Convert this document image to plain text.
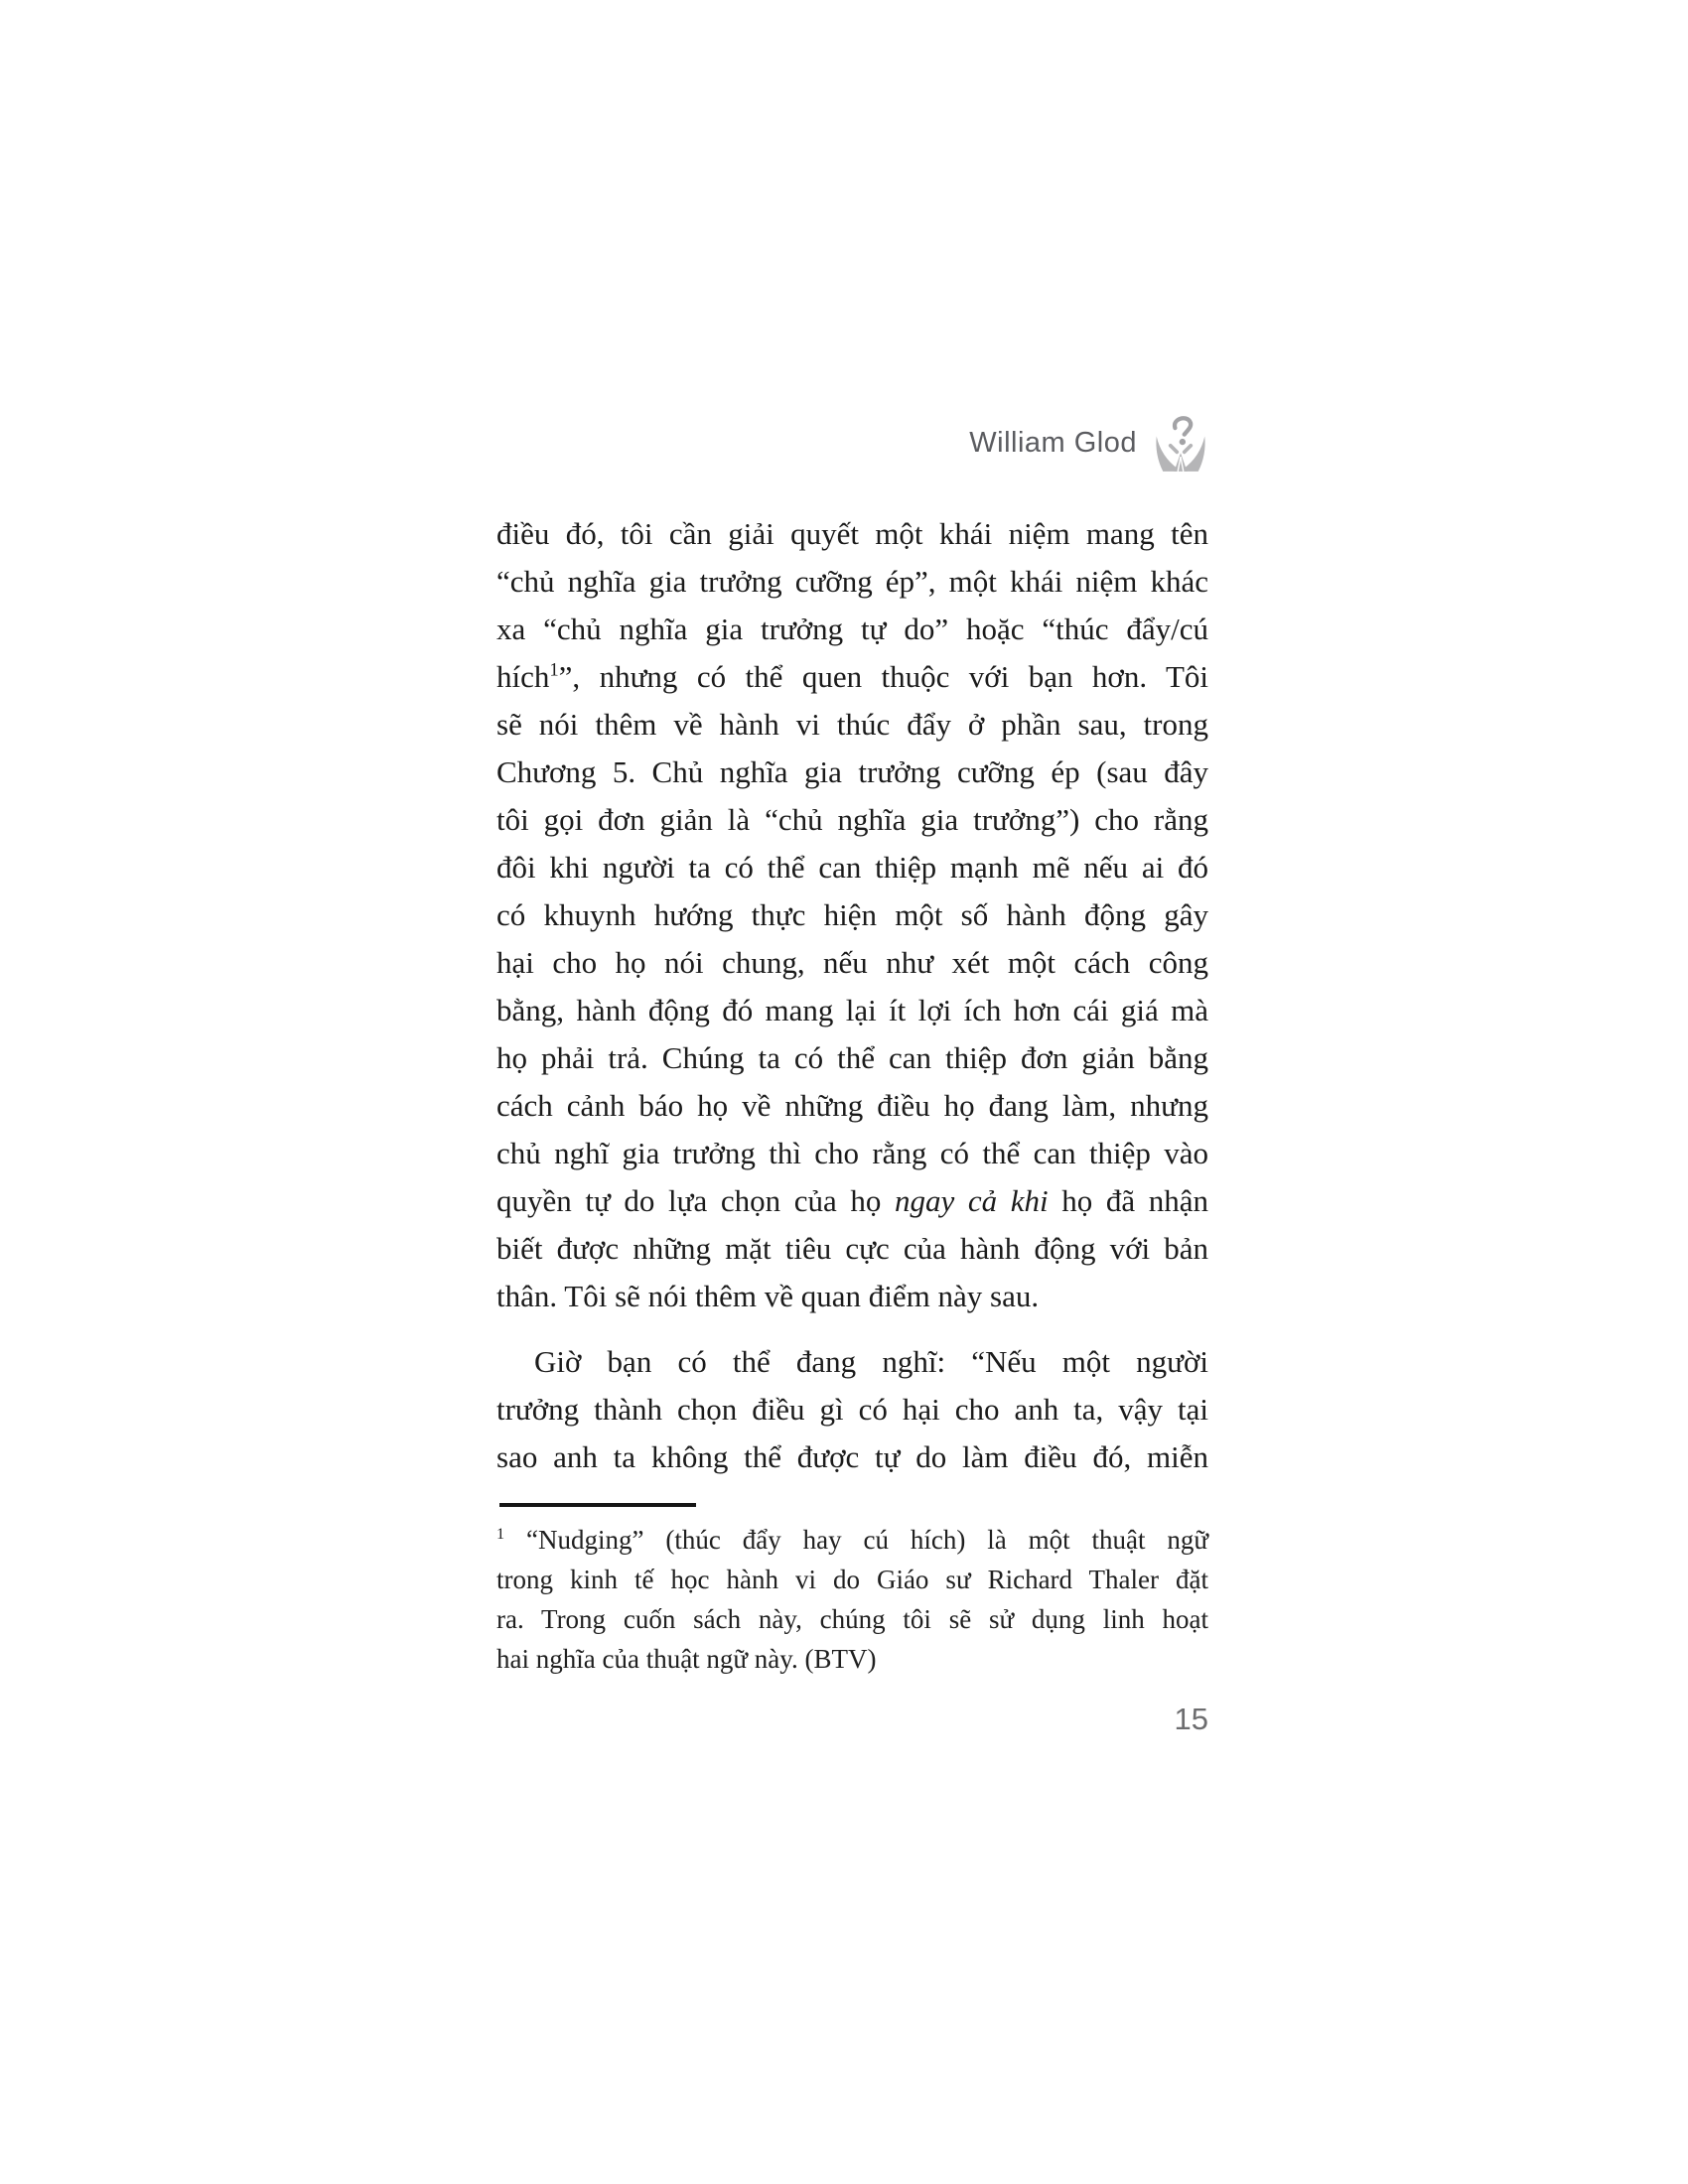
William Glod
điều đó, tôi cần giải quyết một khái niệm mang tên
“chủ nghĩa gia trưởng cưỡng ép”, một khái niệm khác
xa “chủ nghĩa gia trưởng tự do” hoặc “thúc đẩy/cú
hích$^1$”, nhưng có thể quen thuộc với bạn hơn. Tôi
sẽ nói thêm về hành vi thúc đẩy ở phần sau, trong
Chương 5. Chủ nghĩa gia trưởng cưỡng ép (sau đây
tôi gọi đơn giản là “chủ nghĩa gia trưởng”) cho rằng
đôi khi người ta có thể can thiệp mạnh mẽ nếu ai đó
có khuynh hướng thực hiện một số hành động gây
hại cho họ nói chung, nếu như xét một cách công
bằng, hành động đó mang lại ít lợi ích hơn cái giá mà
họ phải trả. Chúng ta có thể can thiệp đơn giản bằng
cách cảnh báo họ về những điều họ đang làm, nhưng
chủ nghĩ gia trưởng thì cho rằng có thể can thiệp vào
quyền tự do lựa chọn của họ ngay cả khi họ đã nhận
biết được những mặt tiêu cực của hành động với bản
thân. Tôi sẽ nói thêm về quan điểm này sau.
Giờ bạn có thể đang nghĩ: “Nếu một người
trưởng thành chọn điều gì có hại cho anh ta, vậy tại
sao anh ta không thể được tự do làm điều đó, miễn
$^1$ “Nudging” (thúc đẩy hay cú hích) là một thuật ngữ
trong kinh tế học hành vi do Giáo sư Richard Thaler đặt
ra. Trong cuốn sách này, chúng tôi sẽ sử dụng linh hoạt
hai nghĩa của thuật ngữ này. (BTV)
15
